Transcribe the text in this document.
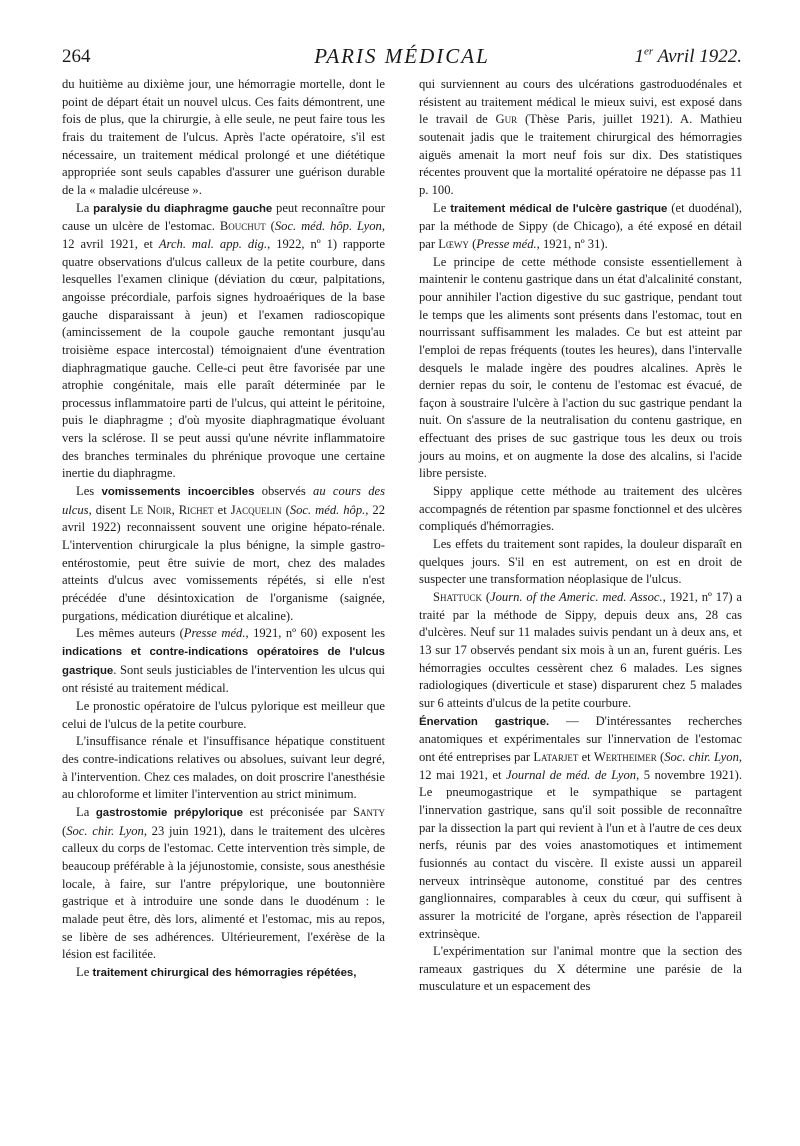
264	PARIS MÉDICAL	1er Avril 1922.

du huitième au dixième jour, une hémorragie mortelle, dont le point de départ était un nouvel ulcus. Ces faits démontrent, une fois de plus, que la chirurgie, à elle seule, ne peut faire tous les frais du traitement de l'ulcus. Après l'acte opératoire, s'il est nécessaire, un traitement médical prolongé et une diététique appropriée sont seuls capables d'assurer une guérison durable de la « maladie ulcéreuse ».

La paralysie du diaphragme gauche peut reconnaître pour cause un ulcère de l'estomac. Bouchut (Soc. méd. hôp. Lyon, 12 avril 1921, et Arch. mal. app. dig., 1922, nº 1) rapporte quatre observations d'ulcus calleux de la petite courbure, dans lesquelles l'examen clinique (déviation du cœur, palpitations, angoisse précordiale, parfois signes hydroaériques de la base gauche disparaissant à jeun) et l'examen radioscopique (amincissement de la coupole gauche remontant jusqu'au troisième espace intercostal) témoignaient d'une éventration diaphragmatique gauche. Celle-ci peut être favorisée par une atrophie congénitale, mais elle paraît déterminée par le processus inflammatoire parti de l'ulcus, qui atteint le péritoine, puis le diaphragme ; d'où myosite diaphragmatique évoluant vers la sclérose. Il se peut aussi qu'une névrite inflammatoire des branches terminales du phrénique provoque une certaine inertie du diaphragme.

Les vomissements incoercibles observés au cours des ulcus, disent Le Noir, Richet et Jacquelin (Soc. méd. hôp., 22 avril 1922) reconnaissent souvent une origine hépato-rénale. L'intervention chirurgicale la plus bénigne, la simple gastro-entérostomie, peut être suivie de mort, chez des malades atteints d'ulcus avec vomissements répétés, si elle n'est précédée d'une désintoxication de l'organisme (saignée, purgations, médication diurétique et alcaline).

Les mêmes auteurs (Presse méd., 1921, nº 60) exposent les indications et contre-indications opératoires de l'ulcus gastrique. Sont seuls justiciables de l'intervention les ulcus qui ont résisté au traitement médical.

Le pronostic opératoire de l'ulcus pylorique est meilleur que celui de l'ulcus de la petite courbure.

L'insuffisance rénale et l'insuffisance hépatique constituent des contre-indications relatives ou absolues, suivant leur degré, à l'intervention. Chez ces malades, on doit proscrire l'anesthésie au chloroforme et limiter l'intervention au strict minimum.

La gastrostomie prépylorique est préconisée par Santy (Soc. chir. Lyon, 23 juin 1921), dans le traitement des ulcères calleux du corps de l'estomac. Cette intervention très simple, de beaucoup préférable à la jéjunostomie, consiste, sous anesthésie locale, à faire, sur l'antre prépylorique, une boutonnière gastrique et à introduire une sonde dans le duodénum : le malade peut être, dès lors, alimenté et l'estomac, mis au repos, se libère de ses adhérences. Ultérieurement, l'exérèse de la lésion est facilitée.

Le traitement chirurgical des hémorragies répétées,

qui surviennent au cours des ulcérations gastroduodénales et résistent au traitement médical le mieux suivi, est exposé dans le travail de Gur (Thèse Paris, juillet 1921). A. Mathieu soutenait jadis que le traitement chirurgical des hémorragies aiguës amenait la mort neuf fois sur dix. Des statistiques récentes prouvent que la mortalité opératoire ne dépasse pas 11 p. 100.

Le traitement médical de l'ulcère gastrique (et duodénal), par la méthode de Sippy (de Chicago), a été exposé en détail par Lœwy (Presse méd., 1921, nº 31).

Le principe de cette méthode consiste essentiellement à maintenir le contenu gastrique dans un état d'alcalinité constant, pour annihiler l'action digestive du suc gastrique, pendant tout le temps que les aliments sont présents dans l'estomac, tout en nourrissant suffisamment les malades. Ce but est atteint par l'emploi de repas fréquents (toutes les heures), dans l'intervalle desquels le malade ingère des poudres alcalines. Après le dernier repas du soir, le contenu de l'estomac est évacué, de façon à soustraire l'ulcère à l'action du suc gastrique pendant la nuit. On s'assure de la neutralisation du contenu gastrique, en effectuant des prises de suc gastrique tous les deux ou trois jours au moins, et on augmente la dose des alcalins, si l'acide libre persiste.

Sippy applique cette méthode au traitement des ulcères accompagnés de rétention par spasme fonctionnel et des ulcères compliqués d'hémorragies.

Les effets du traitement sont rapides, la douleur disparaît en quelques jours. S'il en est autrement, on est en droit de suspecter une transformation néoplasique de l'ulcus.

Shattuck (Journ. of the Americ. med. Assoc., 1921, nº 17) a traité par la méthode de Sippy, depuis deux ans, 28 cas d'ulcères. Neuf sur 11 malades suivis pendant un à deux ans, et 13 sur 17 observés pendant six mois à un an, furent guéris. Les hémorragies occultes cessèrent chez 6 malades. Les signes radiologiques (diverticule et stase) disparurent chez 5 malades sur 6 atteints d'ulcus de la petite courbure.

Énervation gastrique. — D'intéressantes recherches anatomiques et expérimentales sur l'innervation de l'estomac ont été entreprises par Latarjet et Wertheimer (Soc. chir. Lyon, 12 mai 1921, et Journal de méd. de Lyon, 5 novembre 1921). Le pneumogastrique et le sympathique se partagent l'innervation gastrique, sans qu'il soit possible de reconnaître par la dissection la part qui revient à l'un et à l'autre de ces deux nerfs, réunis par des voies anastomotiques et intimement fusionnés au contact du viscère. Il existe aussi un appareil nerveux intrinsèque autonome, constitué par des centres ganglionnaires, comparables à ceux du cœur, qui suffisent à assurer la motricité de l'organe, après résection de l'appareil extrinsèque.

L'expérimentation sur l'animal montre que la section des rameaux gastriques du X détermine une parésie de la musculature et un espacement des
